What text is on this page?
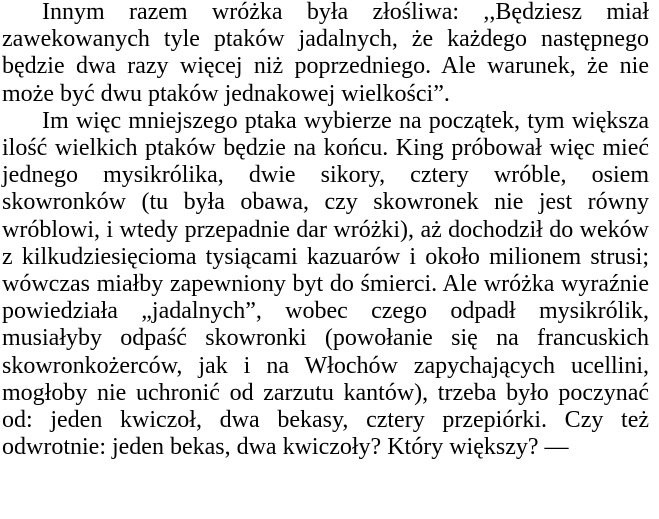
Innym razem wróżka była złośliwa: ,,Będziesz miał zawekowanych tyle ptaków jadalnych, że każdego następnego będzie dwa razy więcej niż poprzedniego. Ale warunek, że nie może być dwu ptaków jednakowej wielkości”.

Im więc mniejszego ptaka wybierze na początek, tym większa ilość wielkich ptaków będzie na końcu. King próbował więc mieć jednego mysikrólika, dwie sikory, cztery wróble, osiem skowronków (tu była obawa, czy skowronek nie jest równy wróblowi, i wtedy przepadnie dar wróżki), aż dochodził do weków z kilkudziesięcioma tysiącami kazuarów i około milionem strusi; wówczas miałby zapewniony byt do śmierci. Ale wróżka wyraźnie powiedziała „jadalnych”, wobec czego odpadł mysikrólik, musiałyby odpaść skowronki (powołanie się na francuskich skowronkożerców, jak i na Włochów zapychających ucellini, mogłoby nie uchronić od zarzutu kantów), trzeba było poczynać od: jeden kwiczoł, dwa bekasy, cztery przepiórki. Czy też odwrotnie: jeden bekas, dwa kwiczoły? Który większy? —
